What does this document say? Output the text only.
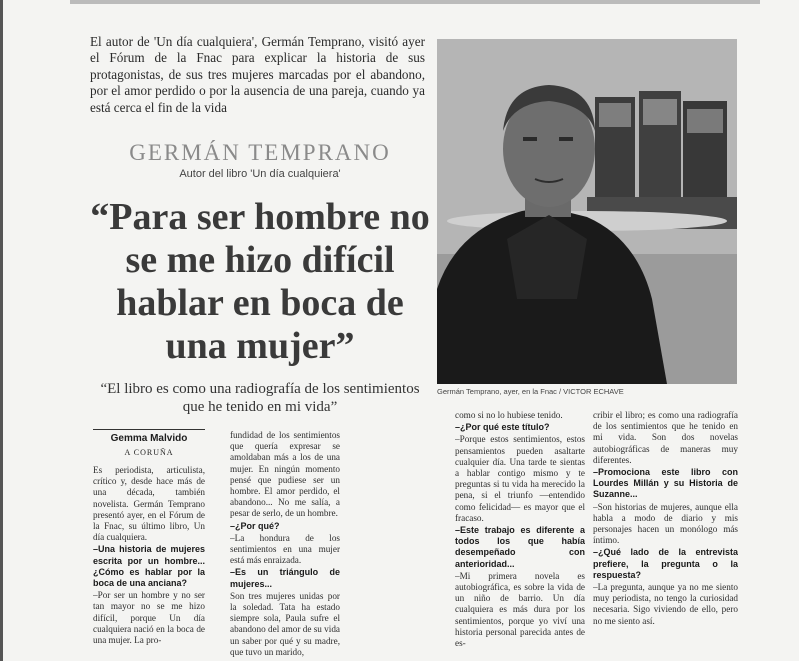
El autor de 'Un día cualquiera', Germán Temprano, visitó ayer el Fórum de la Fnac para explicar la historia de sus protagonistas, de sus tres mujeres marcadas por el abandono, por el amor perdido o por la ausencia de una pareja, cuando ya está cerca el fin de la vida
GERMÁN TEMPRANO
Autor del libro 'Un día cualquiera'
“Para ser hombre no se me hizo difícil hablar en boca de una mujer”
“El libro es como una radiografía de los sentimientos que he tenido en mi vida”
Germán Temprano, ayer, en la Fnac / VICTOR ECHAVE
Gemma Malvido
A CORUÑA

Es periodista, articulista, crítico y, desde hace más de una década, también novelista. Germán Temprano presentó ayer, en el Fórum de la Fnac, su último libro, Un día cualquiera.

–Una historia de mujeres escrita por un hombre... ¿Cómo es hablar por la boca de una anciana?

–Por ser un hombre y no ser tan mayor no se me hizo difícil, porque Un día cualquiera nació en la boca de una mujer. La pro-

fundidad de los sentimientos que quería expresar se amoldaban más a los de una mujer. En ningún momento pensé que pudiese ser un hombre. El amor perdido, el abandono... No me salía, a pesar de serlo, de un hombre.

–¿Por qué?

–La hondura de los sentimientos en una mujer está más enraizada.

–Es un triángulo de mujeres...

Son tres mujeres unidas por la soledad. Tata ha estado siempre sola, Paula sufre el abandono del amor de su vida un saber por qué y su madre, que tuvo un marido,

como si no lo hubiese tenido.

–¿Por qué este título?

–Porque estos sentimientos, estos pensamientos pueden asaltarte cualquier día. Una tarde te sientas a hablar contigo mismo y te preguntas si tu vida ha merecido la pena, si el triunfo —entendido como felicidad— es mayor que el fracaso.

–Este trabajo es diferente a todos los que había desempeñado con anterioridad...

–Mi primera novela es autobiográfica, es sobre la vida de un niño de barrio. Un día cualquiera es más dura por los sentimientos, porque yo viví una historia personal parecida antes de es-

cribir el libro; es como una radiografía de los sentimientos que he tenido en mi vida. Son dos novelas autobiográficas de maneras muy diferentes.

–Promociona este libro con Lourdes Millán y su Historia de Suzanne...

–Son historias de mujeres, aunque ella habla a modo de diario y mis personajes hacen un monólogo más íntimo.

–¿Qué lado de la entrevista prefiere, la pregunta o la respuesta?

–La pregunta, aunque ya no me siento muy periodista, no tengo la curiosidad necesaria. Sigo viviendo de ello, pero no me siento así.
